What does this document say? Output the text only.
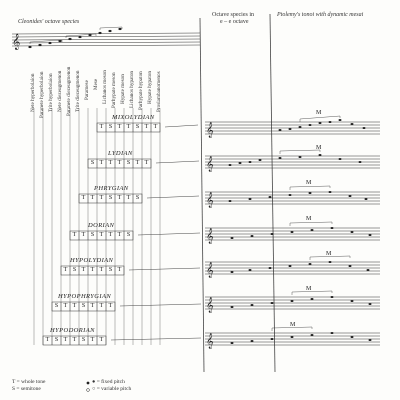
𝄞
𝄞
𝄞
𝄞
𝄞
𝄞
𝄞
𝄞
Cleonides' octave species
Octave species in
e – e octave
Ptolemy's tonoi with dynamic mesai
Nete hyperbolaion Paranete hyperbolaion Trite hyperbolaion Nete diezeugmenon Paranete diezeugmenon Trite diezeugmenon Paramese Mese Lichanos meson Parhypate meson Hypate meson Lichanos hypaton Parhypate hypaton Hypate hypaton Proslambanomenos
MIXOLYDIAN
LYDIAN
PHRYGIAN
DORIAN
HYPOLYDIAN
HYPOPHRYGIAN
HYPODORIAN
T S T T S T T
S T T T S T T
T T T S T T S
T T S T T T S
T S T T T S T
S T T S T T T
T S T T S T T
M
M
M
M
M
M
M
T = whole tone
S = semitone
● = fixed pitch
○ = variable pitch
